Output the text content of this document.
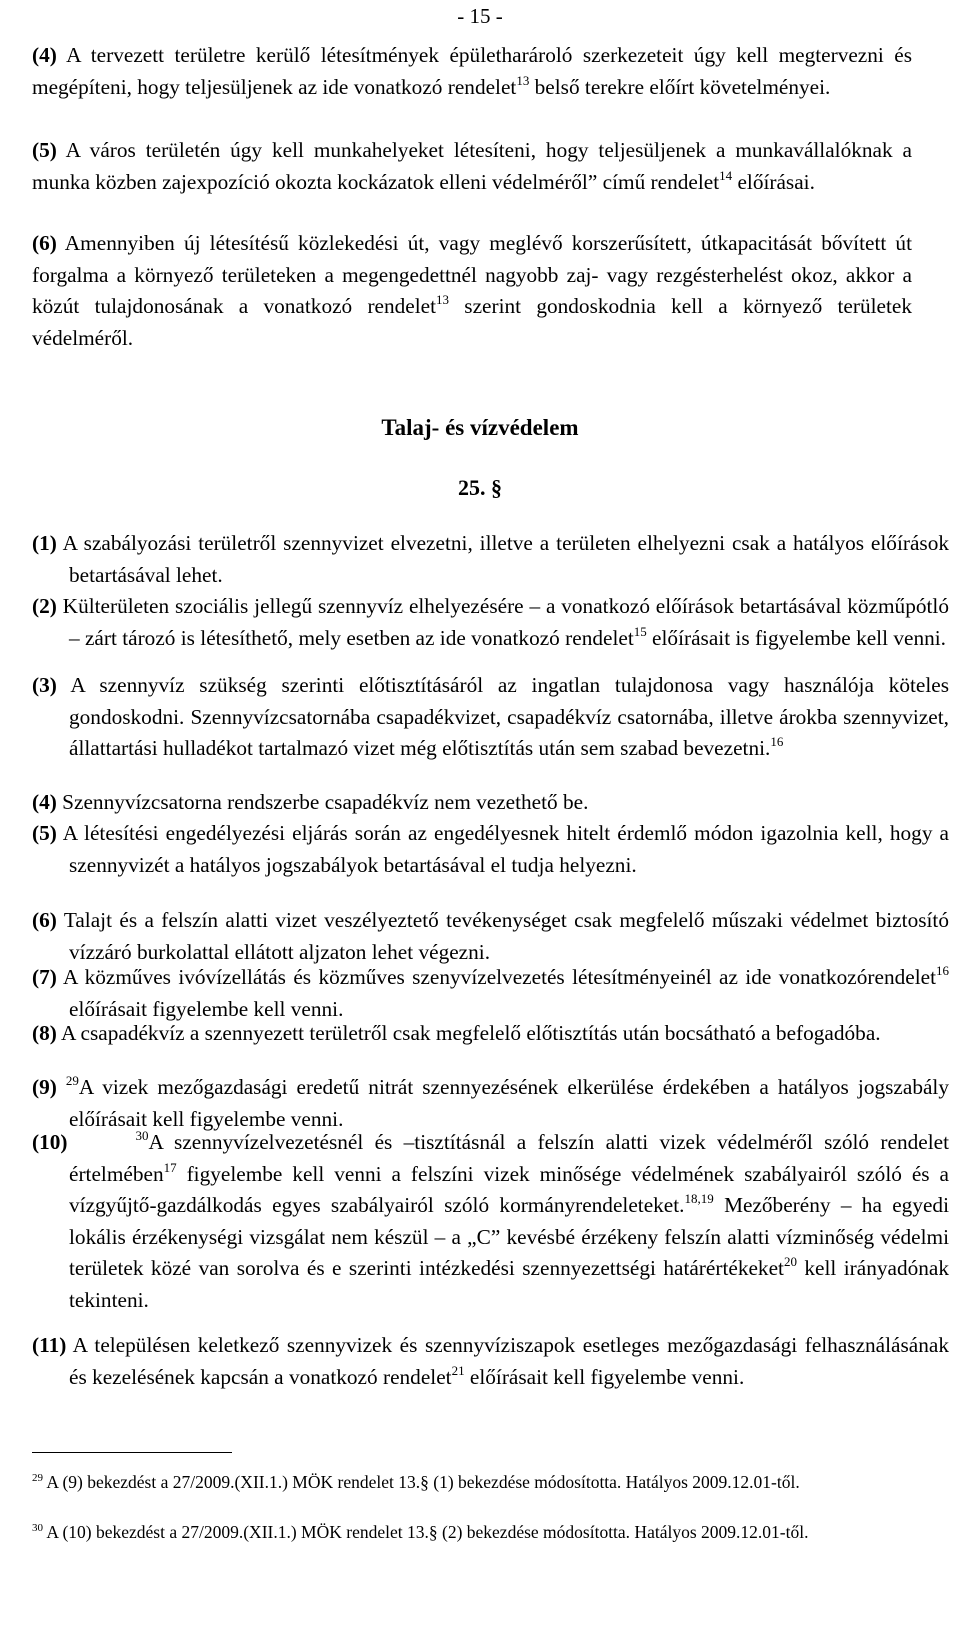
- 15 -

(4) A tervezett területre kerülő létesítmények épületharároló szerkezeteit úgy kell megtervezni és megépíteni, hogy teljesüljenek az ide vonatkozó rendelet$^{13}$ belső terekre előírt követelményei.

(5) A város területén úgy kell munkahelyeket létesíteni, hogy teljesüljenek a munkavállalóknak a munka közben zajexpozíció okozta kockázatok elleni védelméről” című rendelet$^{14}$ előírásai.

(6) Amennyiben új létesítésű közlekedési út, vagy meglévő korszerűsített, útkapacitását bővített út forgalma a környező területeken a megengedettnél nagyobb zaj- vagy rezgésterhelést okoz, akkor a közút tulajdonosának a vonatkozó rendelet$^{13}$ szerint gondoskodnia kell a környező területek védelméről.

Talaj- és vízvédelem
25. §

(1) A szabályozási területről szennyvizet elvezetni, illetve a területen elhelyezni csak a hatályos előírások betartásával lehet.

(2) Külterületen szociális jellegű szennyvíz elhelyezésére – a vonatkozó előírások betartásával közműpótló – zárt tározó is létesíthető, mely esetben az ide vonatkozó rendelet$^{15}$ előírásait is figyelembe kell venni.

(3) A szennyvíz szükség szerinti előtisztításáról az ingatlan tulajdonosa vagy használója köteles gondoskodni. Szennyvízcsatornába csapadékvizet, csapadékvíz csatornába, illetve árokba szennyvizet, állattartási hulladékot tartalmazó vizet még előtisztítás után sem szabad bevezetni.$^{16}$

(4) Szennyvízcsatorna rendszerbe csapadékvíz nem vezethető be.

(5) A létesítési engedélyezési eljárás során az engedélyesnek hitelt érdemlő módon igazolnia kell, hogy a szennyvizét a hatályos jogszabályok betartásával el tudja helyezni.

(6) Talajt és a felszín alatti vizet veszélyeztető tevékenységet csak megfelelő műszaki védelmet biztosító vízzáró burkolattal ellátott aljzaton lehet végezni.

(7) A közműves ivóvízellátás és közműves szenyvízelvezetés létesítményeinél az ide vonatkozórendelet$^{16}$ előírásait figyelembe kell venni.

(8) A csapadékvíz a szennyezett területről csak megfelelő előtisztítás után bocsátható a befogadóba.

(9) $^{29}$A vizek mezőgazdasági eredetű nitrát szennyezésének elkerülése érdekében a hatályos jogszabály előírásait kell figyelembe venni.

(10)	$^{30}$A szennyvízelvezetésnél és –tisztításnál a felszín alatti vizek védelméről szóló rendelet értelmében$^{17}$ figyelembe kell venni a felszíni vizek minősége védelmének szabályairól szóló és a vízgyűjtő-gazdálkodás egyes szabályairól szóló kormányrendeleteket.$^{18,19}$ Mezőberény – ha egyedi lokális érzékenységi vizsgálat nem készül – a „C” kevésbé érzékeny felszín alatti vízminőség védelmi területek közé van sorolva és e szerinti intézkedési szennyezettségi határértékeket$^{20}$ kell irányadónak tekinteni.

(11) A településen keletkező szennyvizek és szennyvíziszapok esetleges mezőgazdasági felhasználásának és kezelésének kapcsán a vonatkozó rendelet$^{21}$ előírásait kell figyelembe venni.

$^{29}$ A (9) bekezdést a 27/2009.(XII.1.) MÖK rendelet 13.§ (1) bekezdése módosította. Hatályos 2009.12.01-től.

$^{30}$ A (10) bekezdést a 27/2009.(XII.1.) MÖK rendelet 13.§ (2) bekezdése módosította. Hatályos 2009.12.01-től.
